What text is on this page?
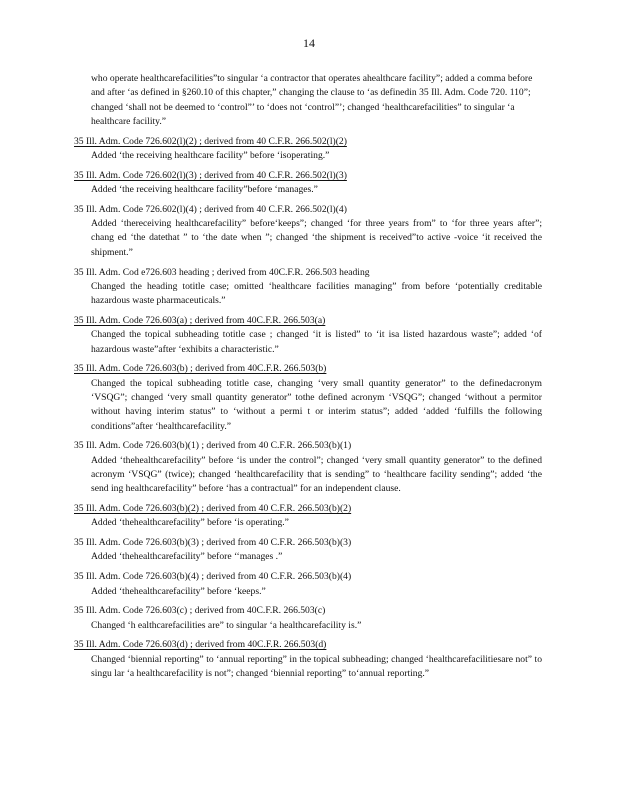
14

who operate healthcarefacilities”to singular ‘a contractor that operates ahealthcare facility”; added a comma before and after ‘as defined in §260.10 of this chapter,” changing the clause to ‘as definedin 35 Ill. Adm. Code 720. 110”; changed ‘shall not be deemed to ‘control”’ to ‘does not ‘control”’; changed ‘healthcarefacilities” to singular ‘a healthcare facility.”

35 Ill. Adm. Code 726.602(l)(2) ; derived from 40 C.F.R. 266.502(l)(2)

Added ‘the receiving healthcare facility” before ‘isoperating.”

35 Ill. Adm. Code 726.602(l)(3) ; derived from 40 C.F.R. 266.502(l)(3)

Added ‘the receiving healthcare facility”before ‘manages.”

35 Ill. Adm. Code 726.602(l)(4) ; derived from 40 C.F.R. 266.502(l)(4)

Added ‘thereceiving healthcarefacility” before‘keeps”; changed ‘for three years from” to ‘for three years after”; chang ed ‘the datethat ” to ‘the date when ”; changed ‘the shipment is received”to active -voice ‘it received the shipment.”

35 Ill. Adm. Cod e726.603 heading ; derived from 40C.F.R. 266.503 heading

Changed the heading totitle case; omitted ‘healthcare facilities managing” from before ‘potentially creditable hazardous waste pharmaceuticals.”

35 Ill. Adm. Code 726.603(a) ; derived from 40C.F.R. 266.503(a)

Changed the topical subheading totitle case ; changed ‘it is listed” to ‘it isa listed hazardous waste”; added ‘of hazardous waste”after ‘exhibits a characteristic.”

35 Ill. Adm. Code 726.603(b) ; derived from 40C.F.R. 266.503(b)

Changed the topical subheading totitle case, changing ‘very small quantity generator” to the definedacronym ‘VSQG”; changed ‘very small quantity generator” tothe defined acronym ‘VSQG”; changed ‘without a permitor without having interim status” to ‘without a permi t or interim status”; added ‘added ‘fulfills the following conditions”after ‘healthcarefacility.”

35 Ill. Adm. Code 726.603(b)(1) ; derived from 40 C.F.R. 266.503(b)(1)

Added ‘thehealthcarefacility” before ‘is under the control”; changed ‘very small quantity generator” to the defined acronym ‘VSQG” (twice); changed ‘healthcarefacility that is sending” to ‘healthcare facility sending”; added ‘the send ing healthcarefacility” before ‘has a contractual” for an independent clause.

35 Ill. Adm. Code 726.603(b)(2) ; derived from 40 C.F.R. 266.503(b)(2)

Added ‘thehealthcarefacility” before ‘is operating.”

35 Ill. Adm. Code 726.603(b)(3) ; derived from 40 C.F.R. 266.503(b)(3)

Added ‘thehealthcarefacility” before ‘‘manages .”

35 Ill. Adm. Code 726.603(b)(4) ; derived from 40 C.F.R. 266.503(b)(4)

Added ‘thehealthcarefacility” before ‘keeps.”

35 Ill. Adm. Code 726.603(c) ; derived from 40C.F.R. 266.503(c)

Changed ‘h ealthcarefacilities are” to singular ‘a healthcarefacility is.”

35 Ill. Adm. Code 726.603(d) ; derived from 40C.F.R. 266.503(d)

Changed ‘biennial reporting” to ‘annual reporting” in the topical subheading; changed ‘healthcarefacilitiesare not” to singu lar ‘a healthcarefacility is not”; changed ‘biennial reporting” to‘annual reporting.”
